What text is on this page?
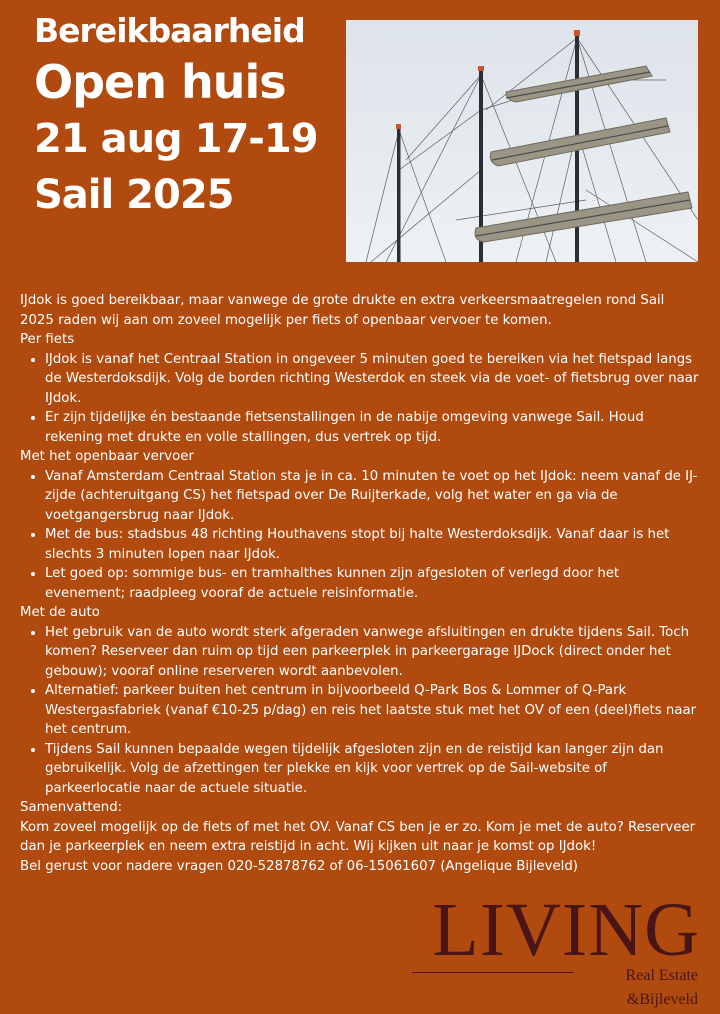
Bereikbaarheid
Open huis
21 aug 17-19
Sail 2025

IJdok is goed bereikbaar, maar vanwege de grote drukte en extra verkeersmaatregelen rond Sail 2025 raden wij aan om zoveel mogelijk per fiets of openbaar vervoer te komen.

Per fiets

• IJdok is vanaf het Centraal Station in ongeveer 5 minuten goed te bereiken via het fietspad langs de Westerdoksdijk. Volg de borden richting Westerdok en steek via de voet- of fietsbrug over naar IJdok.
• Er zijn tijdelijke én bestaande fietsenstallingen in de nabije omgeving vanwege Sail. Houd rekening met drukte en volle stallingen, dus vertrek op tijd.

Met het openbaar vervoer

• Vanaf Amsterdam Centraal Station sta je in ca. 10 minuten te voet op het IJdok: neem vanaf de IJ-zijde (achteruitgang CS) het fietspad over De Ruijterkade, volg het water en ga via de voetgangersbrug naar IJdok.
• Met de bus: stadsbus 48 richting Houthavens stopt bij halte Westerdoksdijk. Vanaf daar is het slechts 3 minuten lopen naar IJdok.
• Let goed op: sommige bus- en tramhalthes kunnen zijn afgesloten of verlegd door het evenement; raadpleeg vooraf de actuele reisinformatie.

Met de auto

• Het gebruik van de auto wordt sterk afgeraden vanwege afsluitingen en drukte tijdens Sail. Toch komen? Reserveer dan ruim op tijd een parkeerplek in parkeergarage IJDock (direct onder het gebouw); vooraf online reserveren wordt aanbevolen.
• Alternatief: parkeer buiten het centrum in bijvoorbeeld Q-Park Bos & Lommer of Q-Park Westergasfabriek (vanaf €10-25 p/dag) en reis het laatste stuk met het OV of een (deel)fiets naar het centrum.
• Tijdens Sail kunnen bepaalde wegen tijdelijk afgesloten zijn en de reistijd kan langer zijn dan gebruikelijk. Volg de afzettingen ter plekke en kijk voor vertrek op de Sail-website of parkeerlocatie naar de actuele situatie.

Samenvattend:

Kom zoveel mogelijk op de fiets of met het OV. Vanaf CS ben je er zo. Kom je met de auto? Reserveer dan je parkeerplek en neem extra reistijd in acht. Wij kijken uit naar je komst op IJdok!

Bel gerust voor nadere vragen 020-52878762 of 06-15061607 (Angelique Bijleveld)

LIVING
Real Estate
&Bijleveld
